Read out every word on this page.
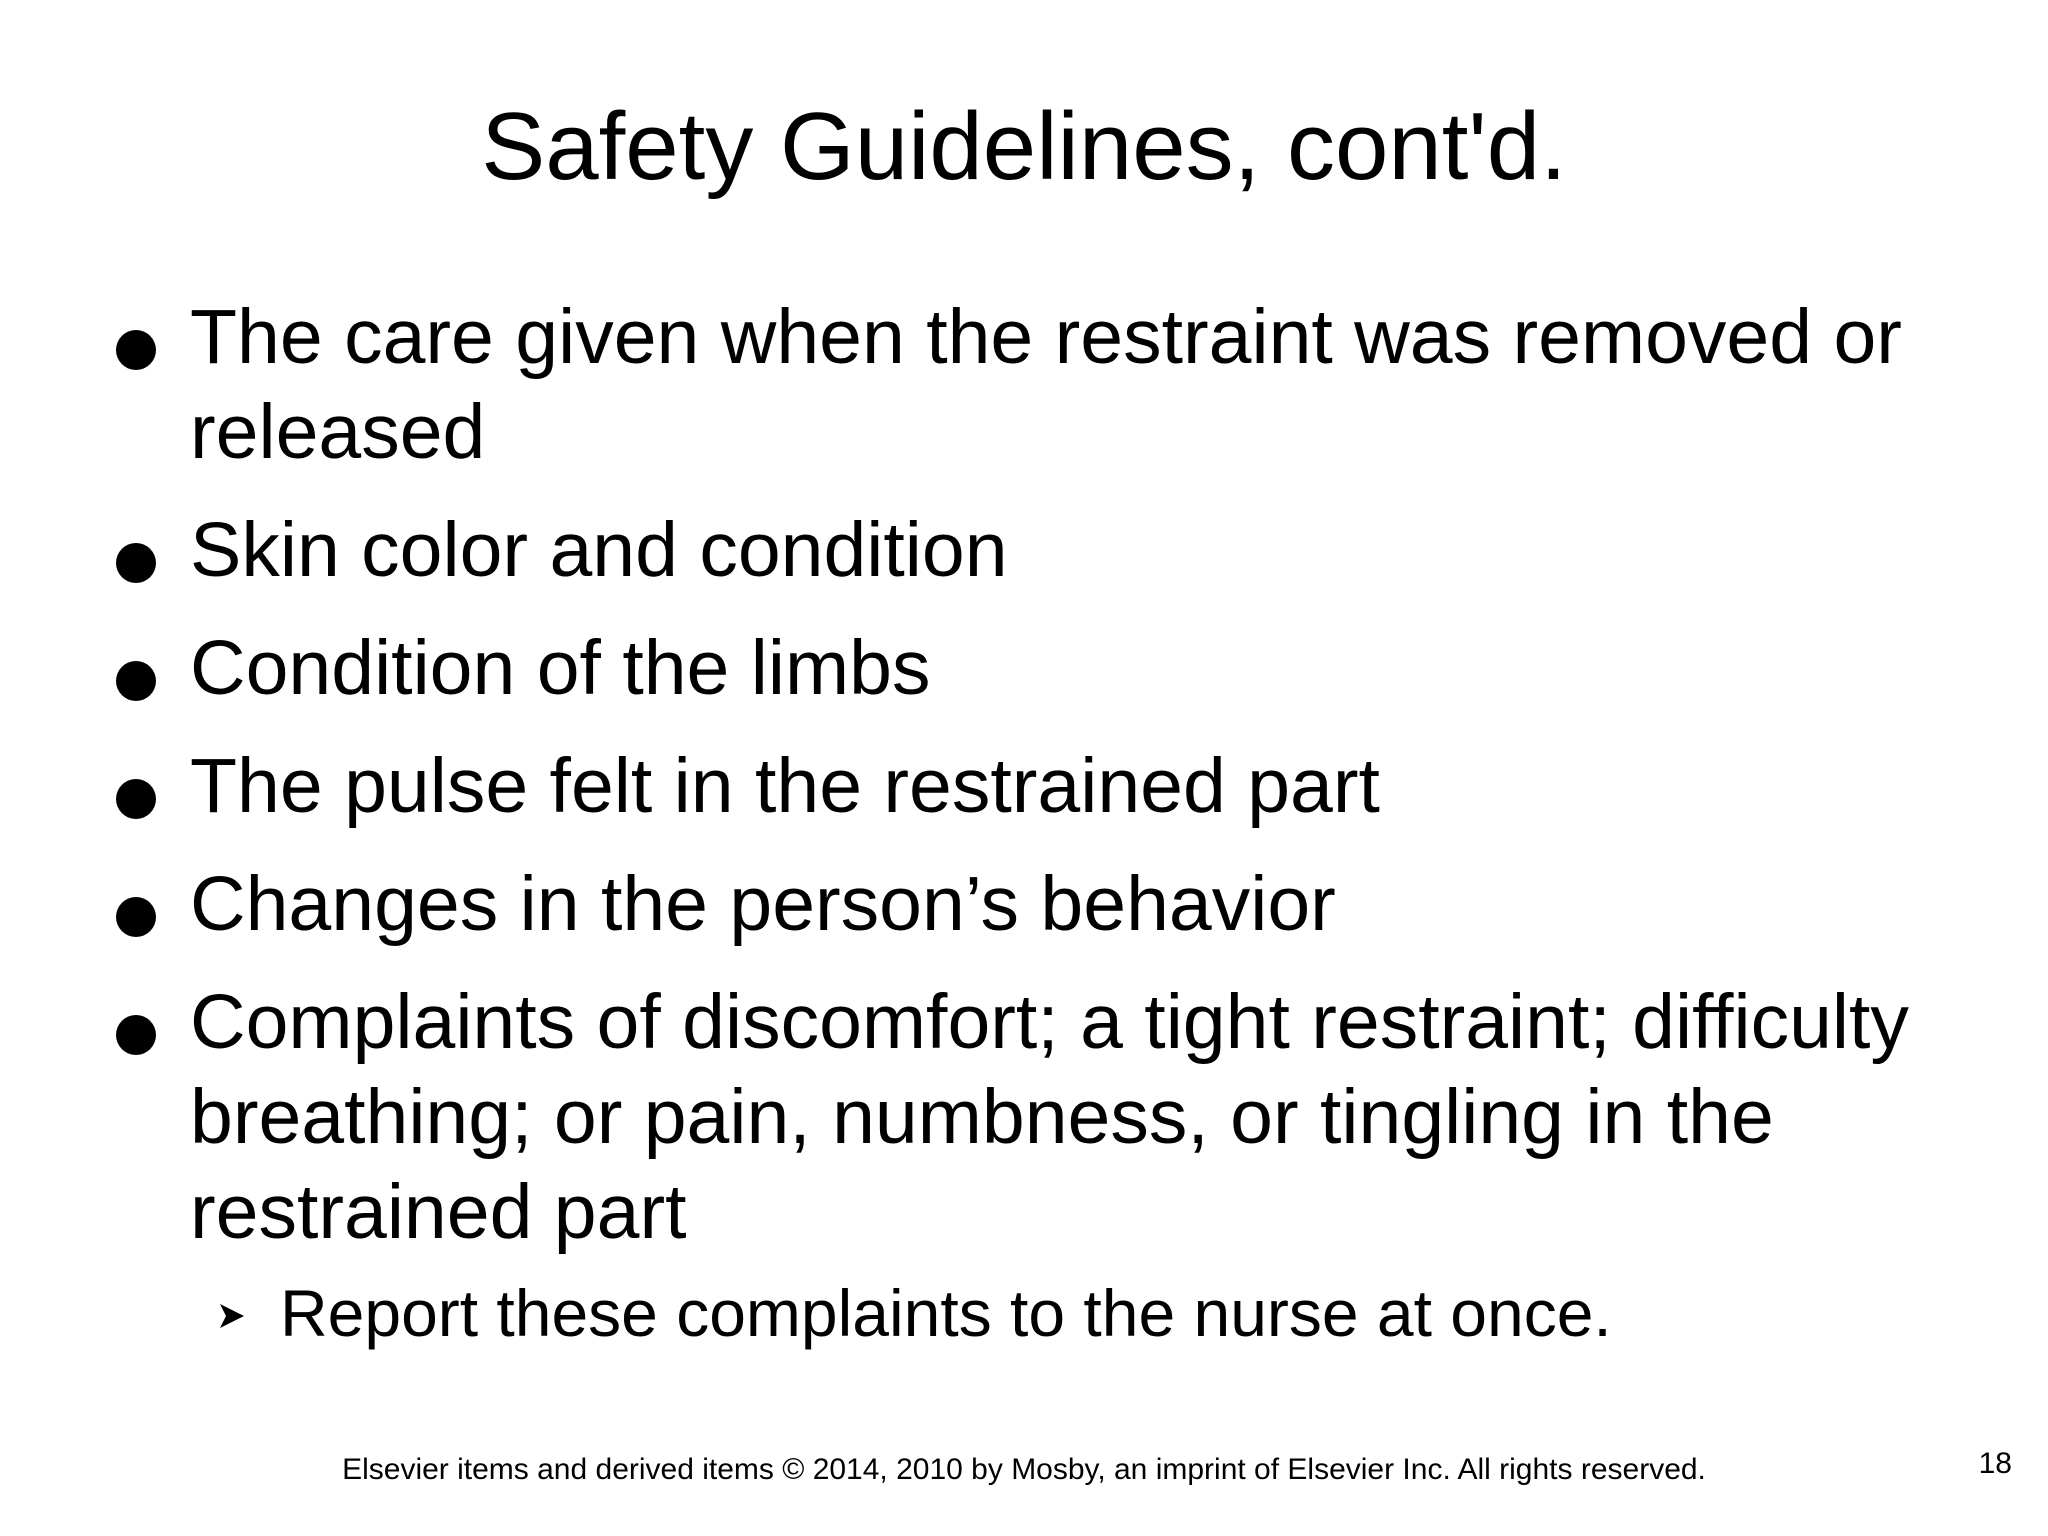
Safety Guidelines, cont'd.
The care given when the restraint was removed or released
Skin color and condition
Condition of the limbs
The pulse felt in the restrained part
Changes in the person’s behavior
Complaints of discomfort; a tight restraint; difficulty breathing; or pain, numbness, or tingling in the restrained part
Report these complaints to the nurse at once.
Elsevier items and derived items © 2014, 2010 by Mosby, an imprint of Elsevier Inc. All rights reserved.	18
